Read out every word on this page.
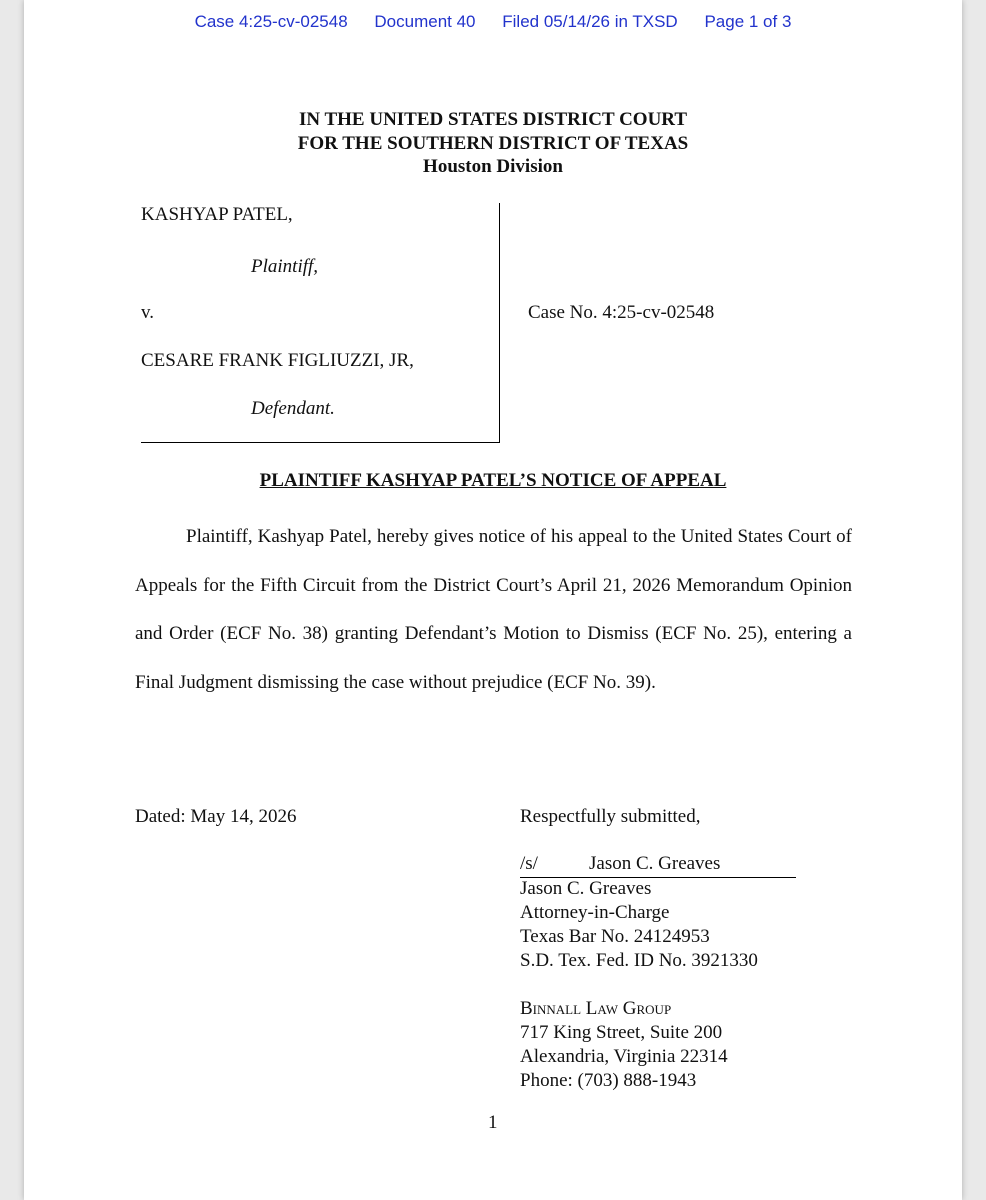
Case 4:25-cv-02548 Document 40 Filed 05/14/26 in TXSD Page 1 of 3
IN THE UNITED STATES DISTRICT COURT
FOR THE SOUTHERN DISTRICT OF TEXAS
Houston Division
KASHYAP PATEL,
Plaintiff,
v.
CESARE FRANK FIGLIUZZI, JR,
Defendant.
Case No. 4:25-cv-02548
PLAINTIFF KASHYAP PATEL’S NOTICE OF APPEAL
Plaintiff, Kashyap Patel, hereby gives notice of his appeal to the United States Court of Appeals for the Fifth Circuit from the District Court’s April 21, 2026 Memorandum Opinion and Order (ECF No. 38) granting Defendant’s Motion to Dismiss (ECF No. 25), entering a Final Judgment dismissing the case without prejudice (ECF No. 39).
Dated: May 14, 2026	Respectfully submitted,
/s/	Jason C. Greaves
Jason C. Greaves
Attorney-in-Charge
Texas Bar No. 24124953
S.D. Tex. Fed. ID No. 3921330
Binnall Law Group
717 King Street, Suite 200
Alexandria, Virginia 22314
Phone: (703) 888-1943
1
